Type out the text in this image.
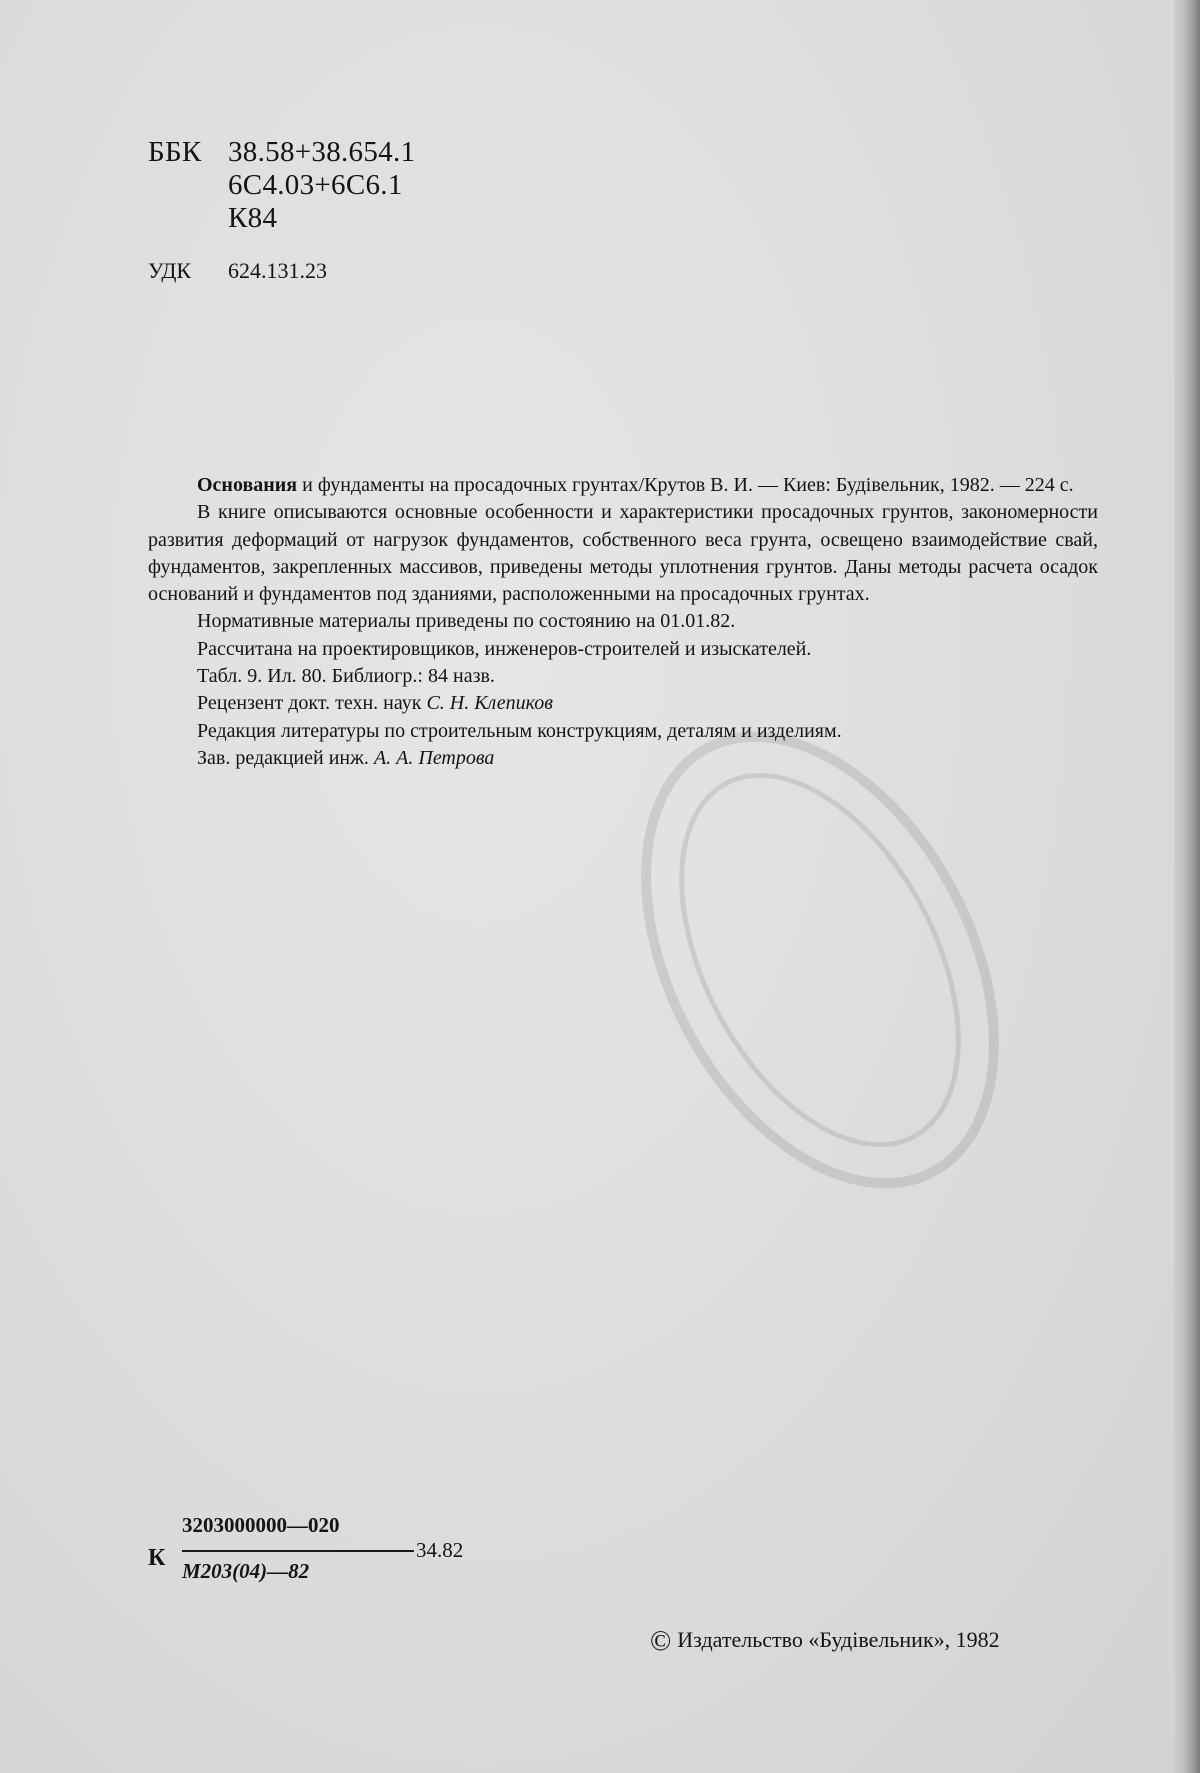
ББК 38.58+38.654.1
6С4.03+6С6.1
К84
УДК 624.131.23

Основания и фундаменты на просадочных грунтах/Крутов В. И. — Киев: Будівельник, 1982. — 224 с.

В книге описываются основные особенности и характеристики просадочных грунтов, закономерности развития деформаций от нагрузок фундаментов, собственного веса грунта, освещено взаимодействие свай, фундаментов, закрепленных массивов, приведены методы уплотнения грунтов. Даны методы расчета осадок оснований и фундаментов под зданиями, расположенными на просадочных грунтах.

Нормативные материалы приведены по состоянию на 01.01.82.

Рассчитана на проектировщиков, инженеров-строителей и изыскателей.

Табл. 9. Ил. 80. Библиогр.: 84 назв.

Рецензент докт. техн. наук С. Н. Клепиков

Редакция литературы по строительным конструкциям, деталям и изделиям.

Зав. редакцией инж. А. А. Петрова

К
3203000000—020
М203(04)—82
34.82
© Издательство «Будівельник», 1982
